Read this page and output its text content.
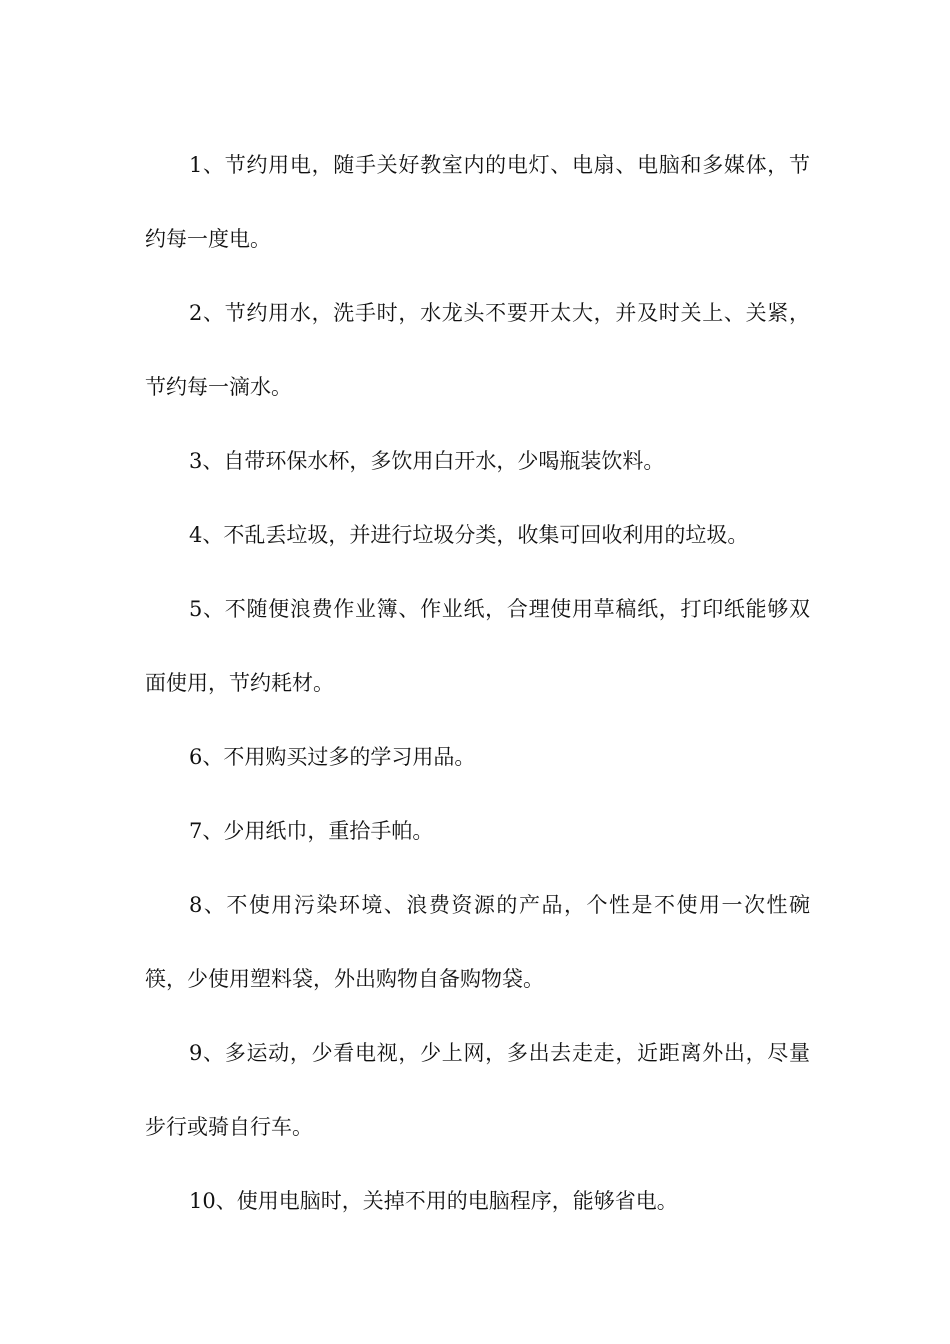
1、节约用电，随手关好教室内的电灯、电扇、电脑和多媒体，节约每一度电。

2、节约用水，洗手时，水龙头不要开太大，并及时关上、关紧，节约每一滴水。

3、自带环保水杯，多饮用白开水，少喝瓶装饮料。

4、不乱丢垃圾，并进行垃圾分类，收集可回收利用的垃圾。

5、不随便浪费作业簿、作业纸，合理使用草稿纸，打印纸能够双面使用，节约耗材。

6、不用购买过多的学习用品。

7、少用纸巾，重拾手帕。

8、不使用污染环境、浪费资源的产品，个性是不使用一次性碗筷，少使用塑料袋，外出购物自备购物袋。

9、多运动，少看电视，少上网，多出去走走，近距离外出，尽量步行或骑自行车。

10、使用电脑时，关掉不用的电脑程序，能够省电。
